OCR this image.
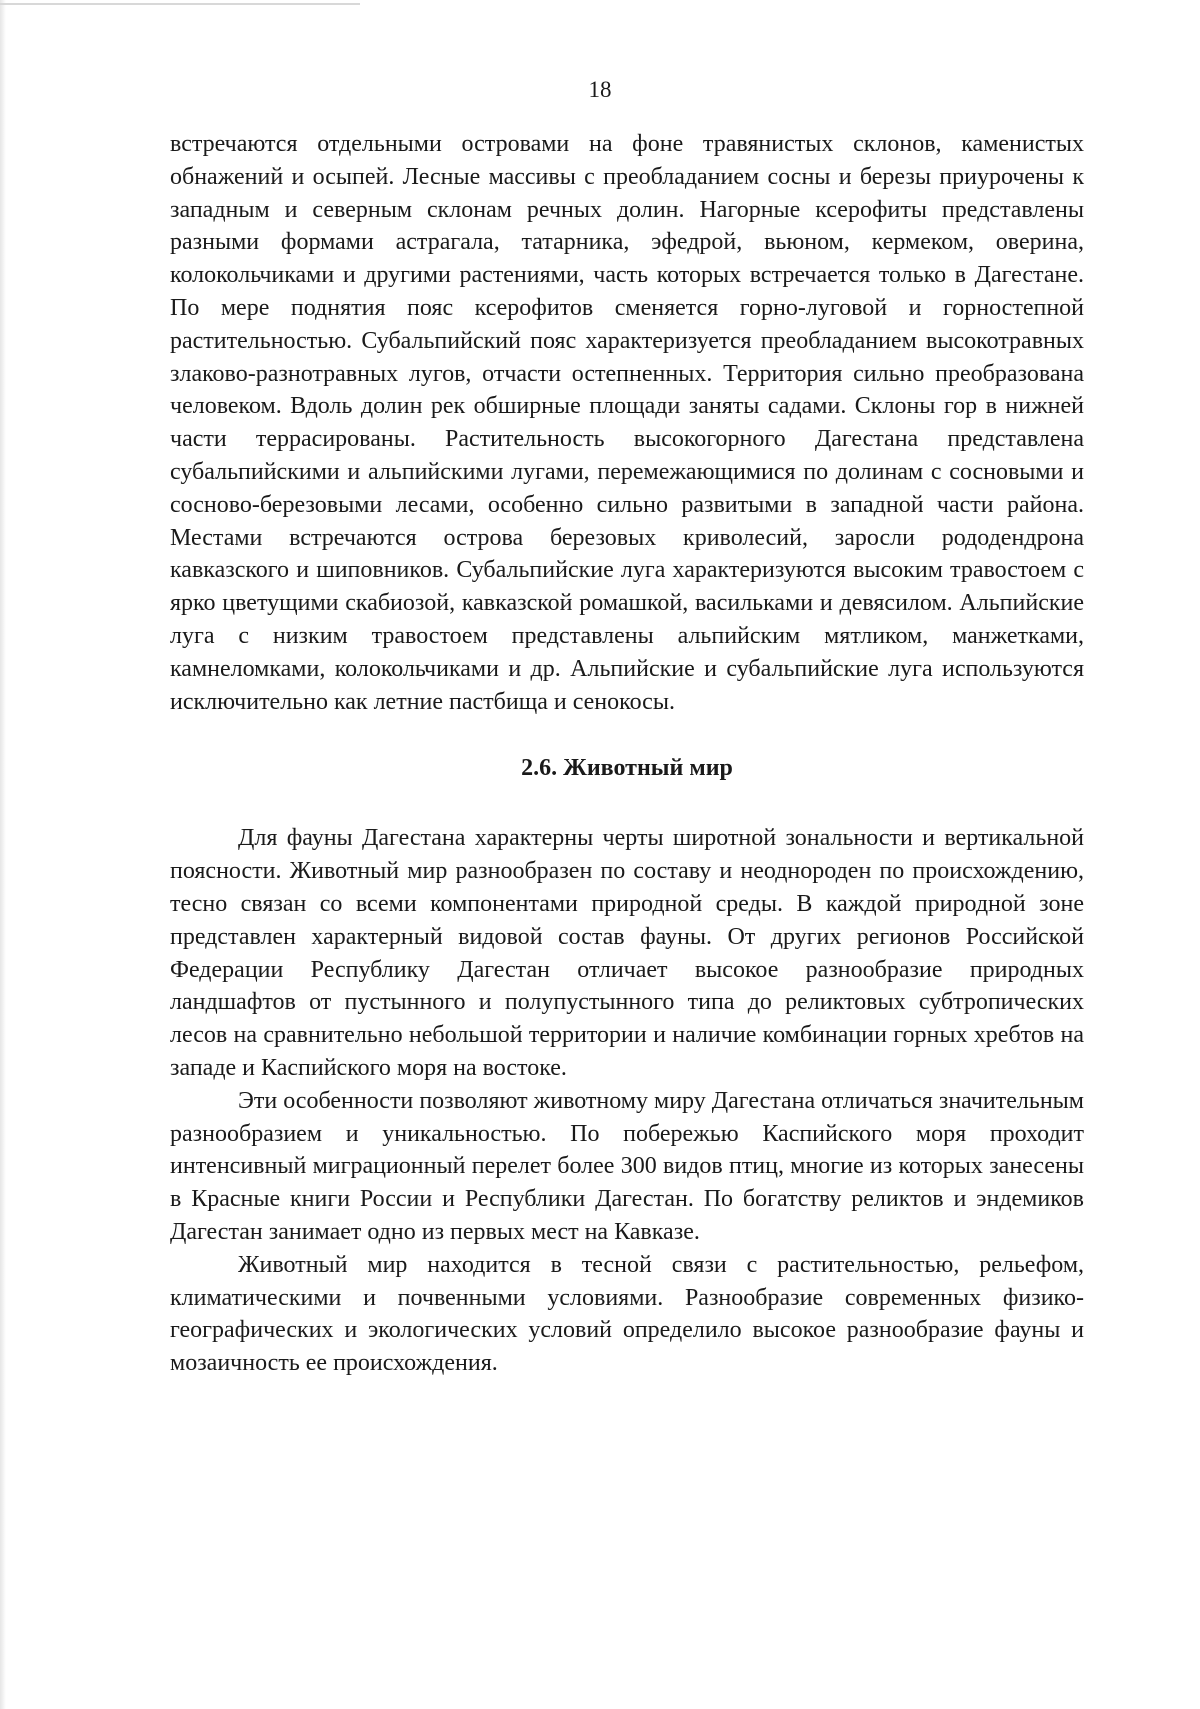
18

встречаются отдельными островами на фоне травянистых склонов, каменистых обнажений и осыпей. Лесные массивы с преобладанием сосны и березы приурочены к западным и северным склонам речных долин. Нагорные ксерофиты представлены разными формами астрагала, татарника, эфедрой, вьюном, кермеком, оверина, колокольчиками и другими растениями, часть которых встречается только в Дагестане. По мере поднятия пояс ксерофитов сменяется горно-луговой и горностепной растительностью. Субальпийский пояс характеризуется преобладанием высокотравных злаково-разнотравных лугов, отчасти остепненных. Территория сильно преобразована человеком. Вдоль долин рек обширные площади заняты садами. Склоны гор в нижней части террасированы. Растительность высокогорного Дагестана представлена субальпийскими и альпийскими лугами, перемежающимися по долинам с сосновыми и сосново-березовыми лесами, особенно сильно развитыми в западной части района. Местами встречаются острова березовых криволесий, заросли рододендрона кавказского и шиповников. Субальпийские луга характеризуются высоким травостоем с ярко цветущими скабиозой, кавказской ромашкой, васильками и девясилом. Альпийские луга с низким травостоем представлены альпийским мятликом, манжетками, камнеломками, колокольчиками и др. Альпийские и субальпийские луга используются исключительно как летние пастбища и сенокосы.

2.6. Животный мир

Для фауны Дагестана характерны черты широтной зональности и вертикальной поясности. Животный мир разнообразен по составу и неоднороден по происхождению, тесно связан со всеми компонентами природной среды. В каждой природной зоне представлен характерный видовой состав фауны. От других регионов Российской Федерации Республику Дагестан отличает высокое разнообразие природных ландшафтов от пустынного и полупустынного типа до реликтовых субтропических лесов на сравнительно небольшой территории и наличие комбинации горных хребтов на западе и Каспийского моря на востоке.

Эти особенности позволяют животному миру Дагестана отличаться значительным разнообразием и уникальностью. По побережью Каспийского моря проходит интенсивный миграционный перелет более 300 видов птиц, многие из которых занесены в Красные книги России и Республики Дагестан. По богатству реликтов и эндемиков Дагестан занимает одно из первых мест на Кавказе.

Животный мир находится в тесной связи с растительностью, рельефом, климатическими и почвенными условиями. Разнообразие современных физико-географических и экологических условий определило высокое разнообразие фауны и мозаичность ее происхождения.
